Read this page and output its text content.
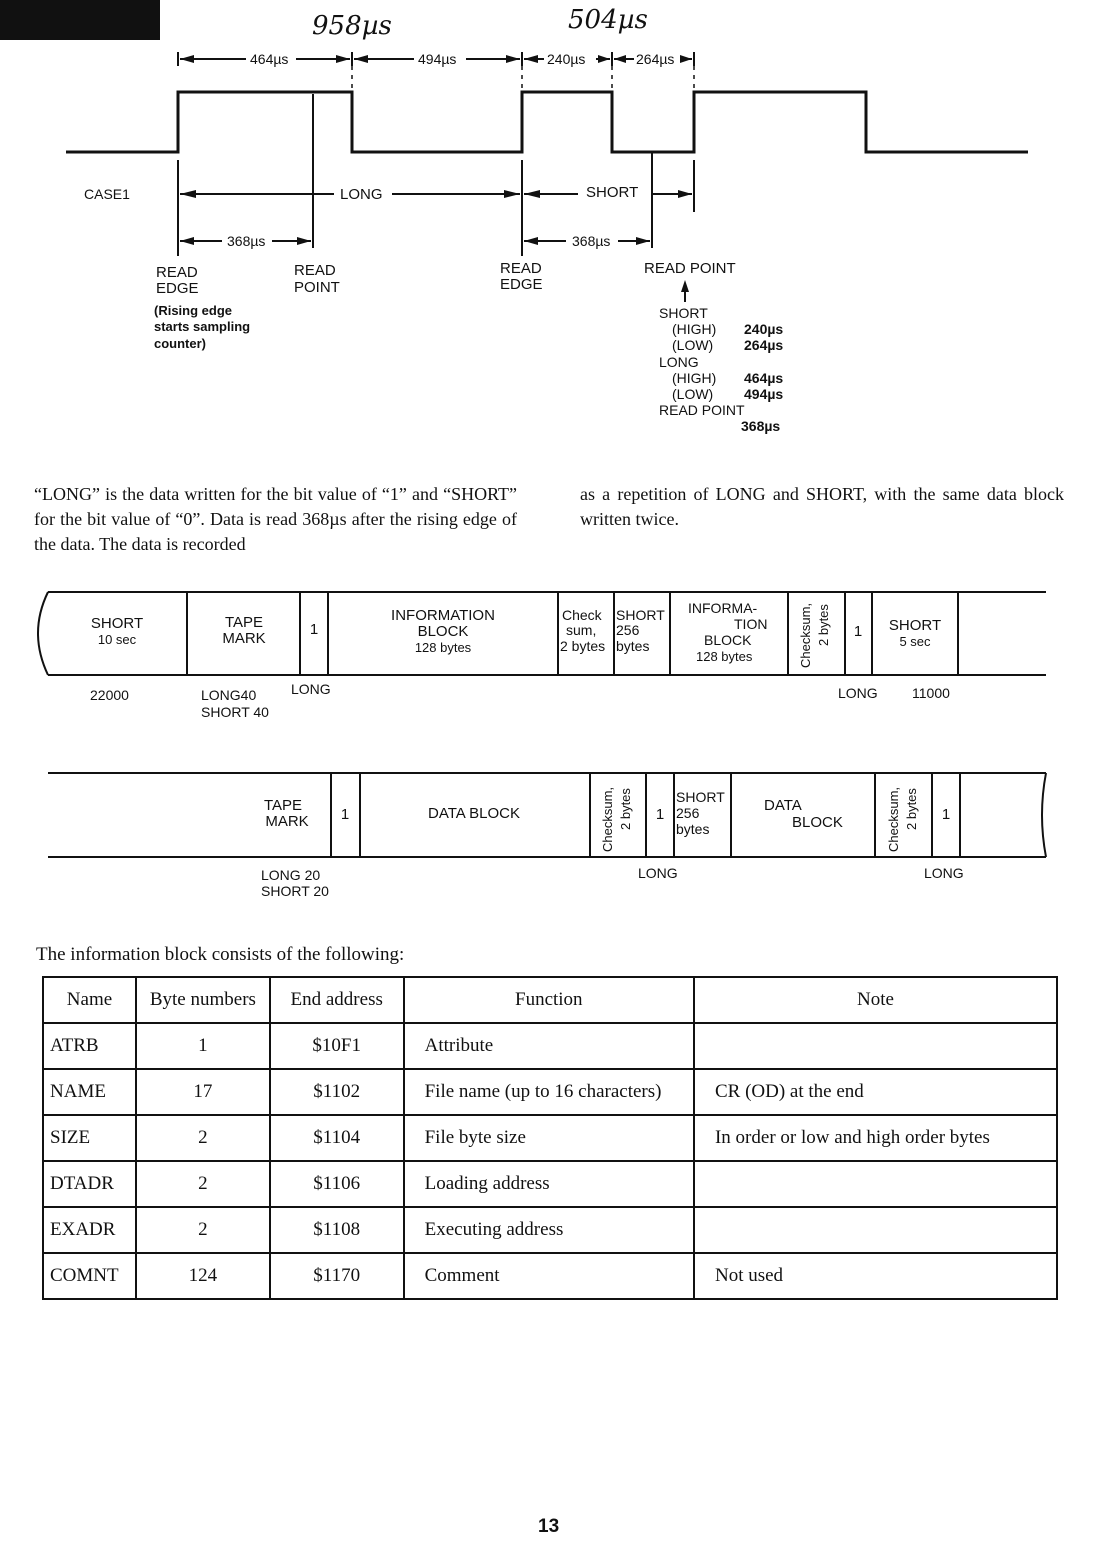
958µs	504µs
464µs	494µs	240µs	264µs
CASE1	LONG	SHORT
368µs	368µs
READ
EDGE
READ
POINT
READ
EDGE
READ POINT
(Rising edge
starts sampling
counter)
SHORT
(HIGH) 240µs
(LOW) 264µs
LONG
(HIGH) 464µs
(LOW) 494µs
READ POINT
368µs
“LONG” is the data written for the bit value of “1” and “SHORT” for the bit value of “0”. Data is read 368µs after the rising edge of the data. The data is recorded
as a repetition of LONG and SHORT, with the same data block written twice.
SHORT
10 sec
TAPE
MARK
1
INFORMATION
BLOCK
128 bytes
Check
sum,
2 bytes
SHORT
256
bytes
INFORMA-
TION
BLOCK
128 bytes	Checksum, 2 bytes 1 SHORT
5 sec
22000	LONG40
SHORT 40
LONG	LONG 11000
TAPE
MARK 1	DATA BLOCK	Checksum, 2 bytes 1
SHORT
256
bytes
DATA
BLOCK	Checksum, 2 bytes 1
LONG 20
SHORT 20
LONG	LONG
The information block consists of the following:
Name	Byte numbers	End address	Function	Note
ATRB	1	$10F1	Attribute	
NAME	17	$1102	File name (up to 16 characters)	CR (OD) at the end
SIZE	2	$1104	File byte size	In order or low and high order bytes
DTADR	2	$1106	Loading address	
EXADR	2	$1108	Executing address	
COMNT	124	$1170	Comment	Not used
13
